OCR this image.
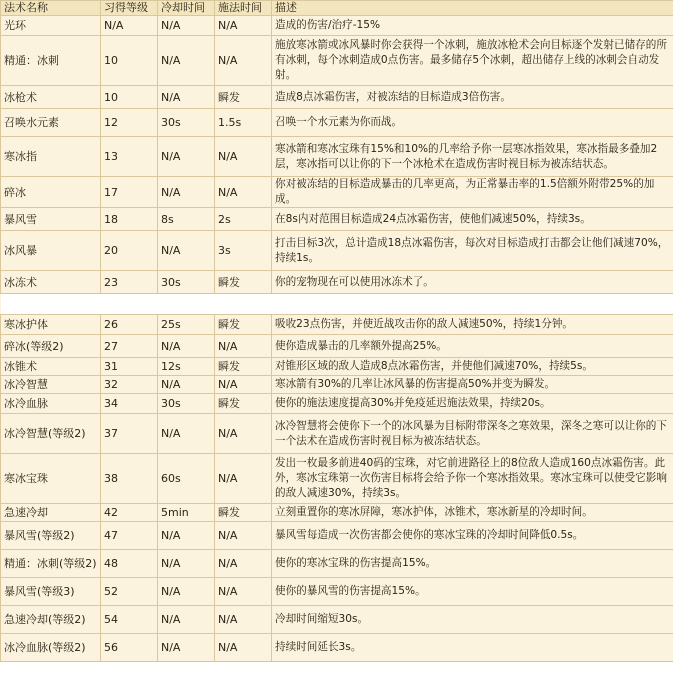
法术名称	习得等级	冷却时间	施法时间	描述
光环	N/A	N/A	N/A	造成的伤害/治疗-15%
精通：冰刺	10	N/A	N/A	施放寒冰箭或冰风暴时你会获得一个冰刺，施放冰枪术会向目标逐个发射已储存的所有冰刺，每个冰刺造成0点伤害。最多储存5个冰刺，超出储存上线的冰刺会自动发射。
冰枪术	10	N/A	瞬发	造成8点冰霜伤害，对被冻结的目标造成3倍伤害。
召唤水元素	12	30s	1.5s	召唤一个水元素为你而战。
寒冰指	13	N/A	N/A	寒冰箭和寒冰宝珠有15%和10%的几率给予你一层寒冰指效果，寒冰指最多叠加2层，寒冰指可以让你的下一个冰枪术在造成伤害时视目标为被冻结状态。
碎冰	17	N/A	N/A	你对被冻结的目标造成暴击的几率更高，为正常暴击率的1.5倍额外附带25%的加成。
暴风雪	18	8s	2s	在8s内对范围目标造成24点冰霜伤害，使他们减速50%，持续3s。
冰风暴	20	N/A	3s	打击目标3次，总计造成18点冰霜伤害，每次对目标造成打击都会让他们减速70%，持续1s。
冰冻术	23	30s	瞬发	你的宠物现在可以使用冰冻术了。

寒冰护体	26	25s	瞬发	吸收23点伤害，并使近战攻击你的敌人减速50%，持续1分钟。
碎冰(等级2)	27	N/A	N/A	使你造成暴击的几率额外提高25%。
冰锥术	31	12s	瞬发	对锥形区域的敌人造成8点冰霜伤害，并使他们减速70%，持续5s。
冰冷智慧	32	N/A	N/A	寒冰箭有30%的几率让冰风暴的伤害提高50%并变为瞬发。
冰冷血脉	34	30s	瞬发	使你的施法速度提高30%并免疫延迟施法效果，持续20s。
冰冷智慧(等级2)	37	N/A	N/A	冰冷智慧将会使你下一个的冰风暴为目标附带深冬之寒效果，深冬之寒可以让你的下一个法术在造成伤害时视目标为被冻结状态。
寒冰宝珠	38	60s	N/A	发出一枚最多前进40码的宝珠，对它前进路径上的8位敌人造成160点冰霜伤害。此外，寒冰宝珠第一次伤害目标将会给予你一个寒冰指效果。寒冰宝珠可以使受它影响的敌人减速30%，持续3s。
急速冷却	42	5min	瞬发	立刻重置你的寒冰屏障，寒冰护体，冰锥术，寒冰新星的冷却时间。
暴风雪(等级2)	47	N/A	N/A	暴风雪每造成一次伤害都会使你的寒冰宝珠的冷却时间降低0.5s。
精通：冰刺(等级2)	48	N/A	N/A	使你的寒冰宝珠的伤害提高15%。
暴风雪(等级3)	52	N/A	N/A	使你的暴风雪的伤害提高15%。
急速冷却(等级2)	54	N/A	N/A	冷却时间缩短30s。
冰冷血脉(等级2)	56	N/A	N/A	持续时间延长3s。
